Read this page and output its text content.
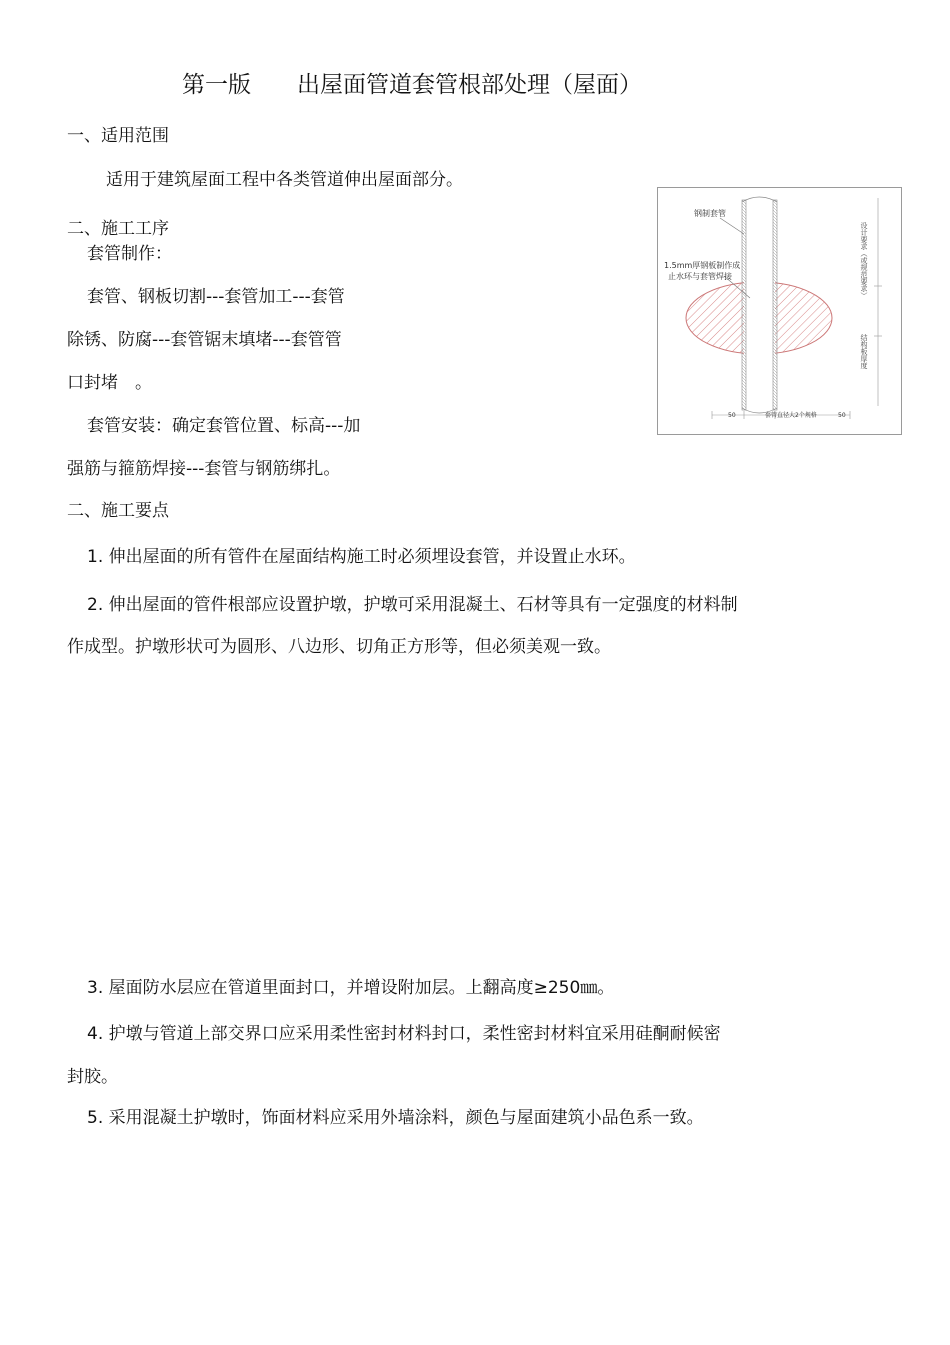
第一版 出屋面管道套管根部处理（屋面）
一、适用范围
适用于建筑屋面工程中各类管道伸出屋面部分。
二、施工工序
套管制作：
套管、钢板切割---套管加工---套管
除锈、防腐---套管锯末填堵---套管管
口封堵　。
套管安装：确定套管位置、标高---加
强筋与箍筋焊接---套管与钢筋绑扎。
二、施工要点
1. 伸出屋面的所有管件在屋面结构施工时必须埋设套管，并设置止水环。
2. 伸出屋面的管件根部应设置护墩，护墩可采用混凝土、石材等具有一定强度的材料制
作成型。护墩形状可为圆形、八边形、切角正方形等，但必须美观一致。
3. 屋面防水层应在管道里面封口，并增设附加层。上翻高度≥250㎜。
4. 护墩与管道上部交界口应采用柔性密封材料封口，柔性密封材料宜采用硅酮耐候密
封胶。
5. 采用混凝土护墩时，饰面材料应采用外墙涂料，颜色与屋面建筑小品色系一致。
钢制套管
1.5mm厚钢板制作成
止水环与套管焊接	设计要求（或规范要求）
结构板厚度
50	套管直径大2个规格	50
